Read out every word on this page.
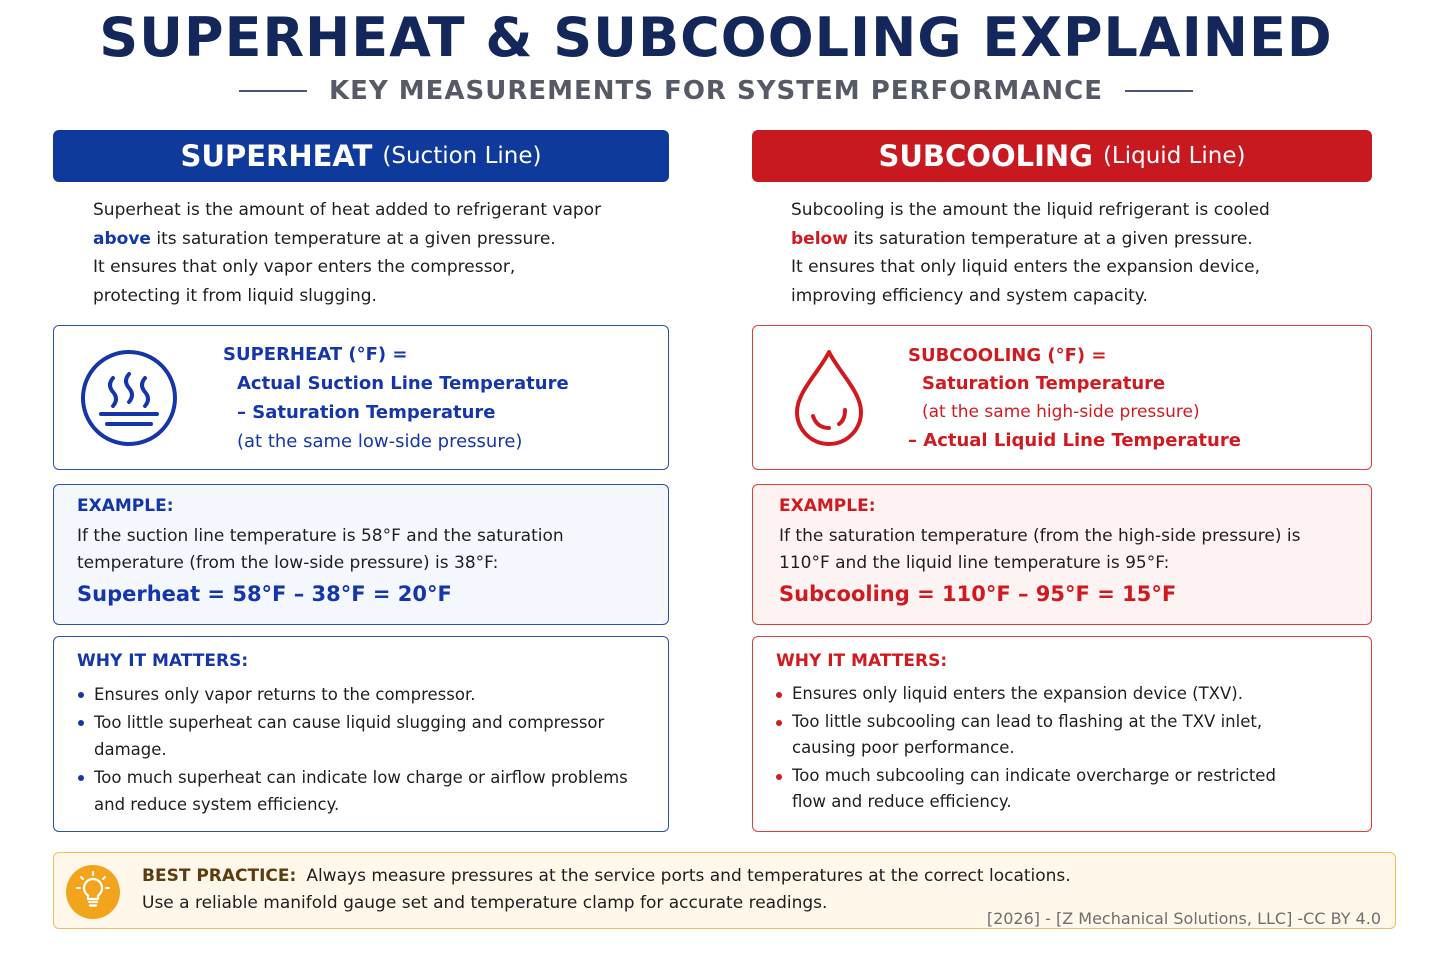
SUPERHEAT & SUBCOOLING EXPLAINED
KEY MEASUREMENTS FOR SYSTEM PERFORMANCE
SUPERHEAT (Suction Line)
Superheat is the amount of heat added to refrigerant vapor
above its saturation temperature at a given pressure.
It ensures that only vapor enters the compressor,
protecting it from liquid slugging.
SUPERHEAT (°F) =
Actual Suction Line Temperature
– Saturation Temperature
(at the same low-side pressure)
EXAMPLE:
If the suction line temperature is 58°F and the saturation
temperature (from the low-side pressure) is 38°F:
Superheat = 58°F – 38°F = 20°F
WHY IT MATTERS:
Ensures only vapor returns to the compressor.
Too little superheat can cause liquid slugging and compressor damage.
Too much superheat can indicate low charge or airflow problems
and reduce system efficiency.
SUBCOOLING (Liquid Line)
Subcooling is the amount the liquid refrigerant is cooled
below its saturation temperature at a given pressure.
It ensures that only liquid enters the expansion device,
improving efficiency and system capacity.
SUBCOOLING (°F) =
Saturation Temperature
(at the same high-side pressure)
– Actual Liquid Line Temperature
EXAMPLE:
If the saturation temperature (from the high-side pressure) is
110°F and the liquid line temperature is 95°F:
Subcooling = 110°F – 95°F = 15°F
WHY IT MATTERS:
Ensures only liquid enters the expansion device (TXV).
Too little subcooling can lead to flashing at the TXV inlet,
causing poor performance.
Too much subcooling can indicate overcharge or restricted
flow and reduce efficiency.
BEST PRACTICE: Always measure pressures at the service ports and temperatures at the correct locations.
Use a reliable manifold gauge set and temperature clamp for accurate readings.
[2026] - [Z Mechanical Solutions, LLC] -CC BY 4.0
